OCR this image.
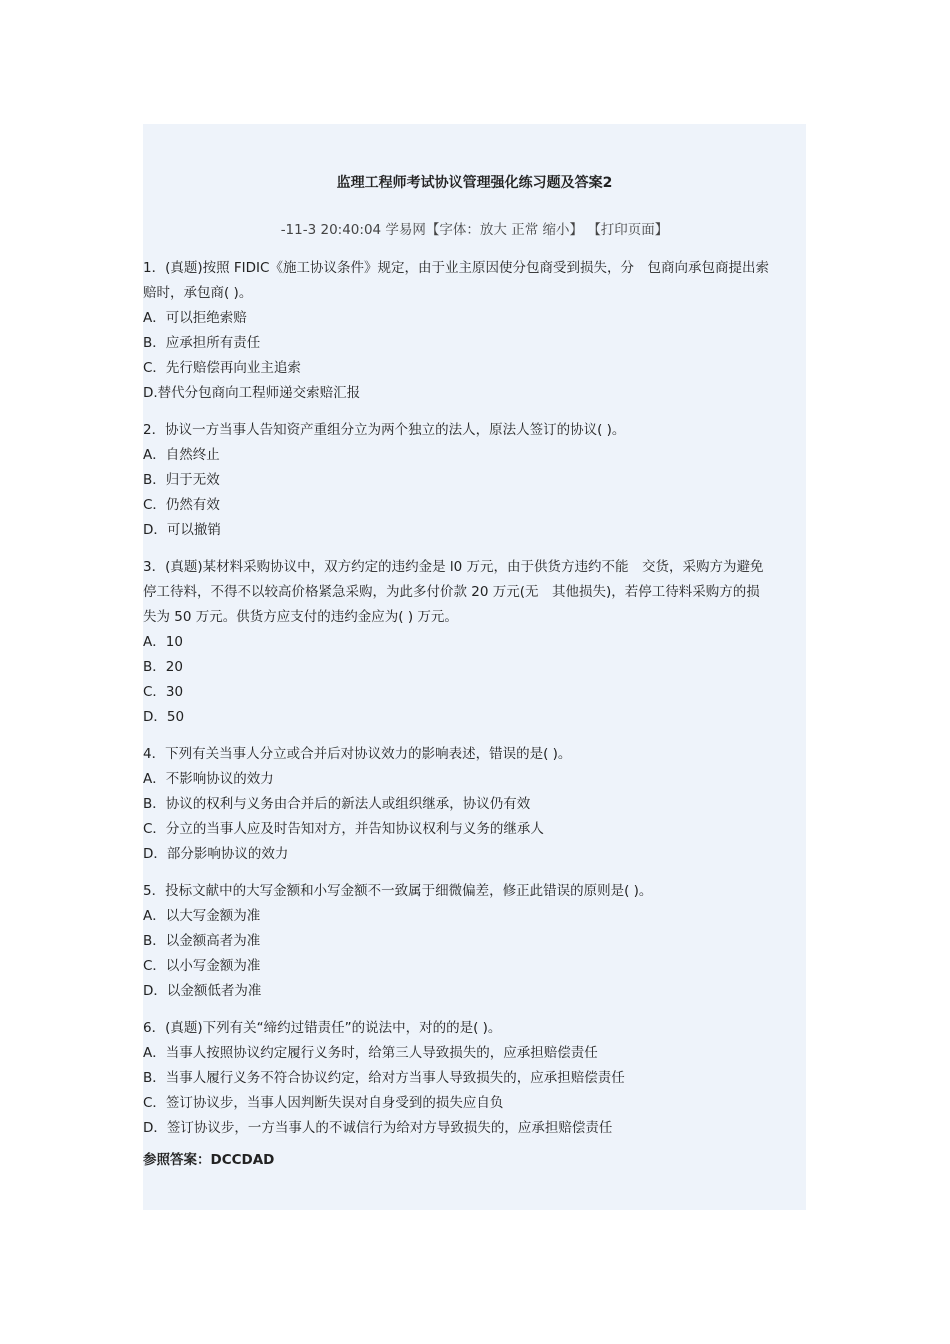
监理工程师考试协议管理强化练习题及答案2
-11-3 20:40:04 学易网【字体：放大 正常 缩小】 【打印页面】

1．(真题)按照 FIDIC《施工协议条件》规定，由于业主原因使分包商受到损失，分　包商向承包商提出索

赔时，承包商( )。

A．可以拒绝索赔

B．应承担所有责任

C．先行赔偿再向业主追索

D.替代分包商向工程师递交索赔汇报

2．协议一方当事人告知资产重组分立为两个独立的法人，原法人签订的协议( )。

A．自然终止

B．归于无效

C．仍然有效

D．可以撤销

3．(真题)某材料采购协议中，双方约定的违约金是 l0 万元，由于供货方违约不能　交货，采购方为避免

停工待料，不得不以较高价格紧急采购，为此多付价款 20 万元(无　其他损失)，若停工待料采购方的损

失为 50 万元。供货方应支付的违约金应为( ) 万元。

A．10

B．20

C．30

D．50

4．下列有关当事人分立或合并后对协议效力的影响表述，错误的是( )。

A．不影响协议的效力

B．协议的权利与义务由合并后的新法人或组织继承，协议仍有效

C．分立的当事人应及时告知对方，并告知协议权利与义务的继承人

D．部分影响协议的效力

5．投标文献中的大写金额和小写金额不一致属于细微偏差，修正此错误的原则是( )。

A．以大写金额为准

B．以金额高者为准

C．以小写金额为准

D．以金额低者为准

6．(真题)下列有关“缔约过错责任”的说法中，对的的是( )。

A．当事人按照协议约定履行义务时，给第三人导致损失的，应承担赔偿责任

B．当事人履行义务不符合协议约定，给对方当事人导致损失的，应承担赔偿责任

C．签订协议步，当事人因判断失误对自身受到的损失应自负

D．签订协议步，一方当事人的不诚信行为给对方导致损失的，应承担赔偿责任

参照答案：DCCDAD
